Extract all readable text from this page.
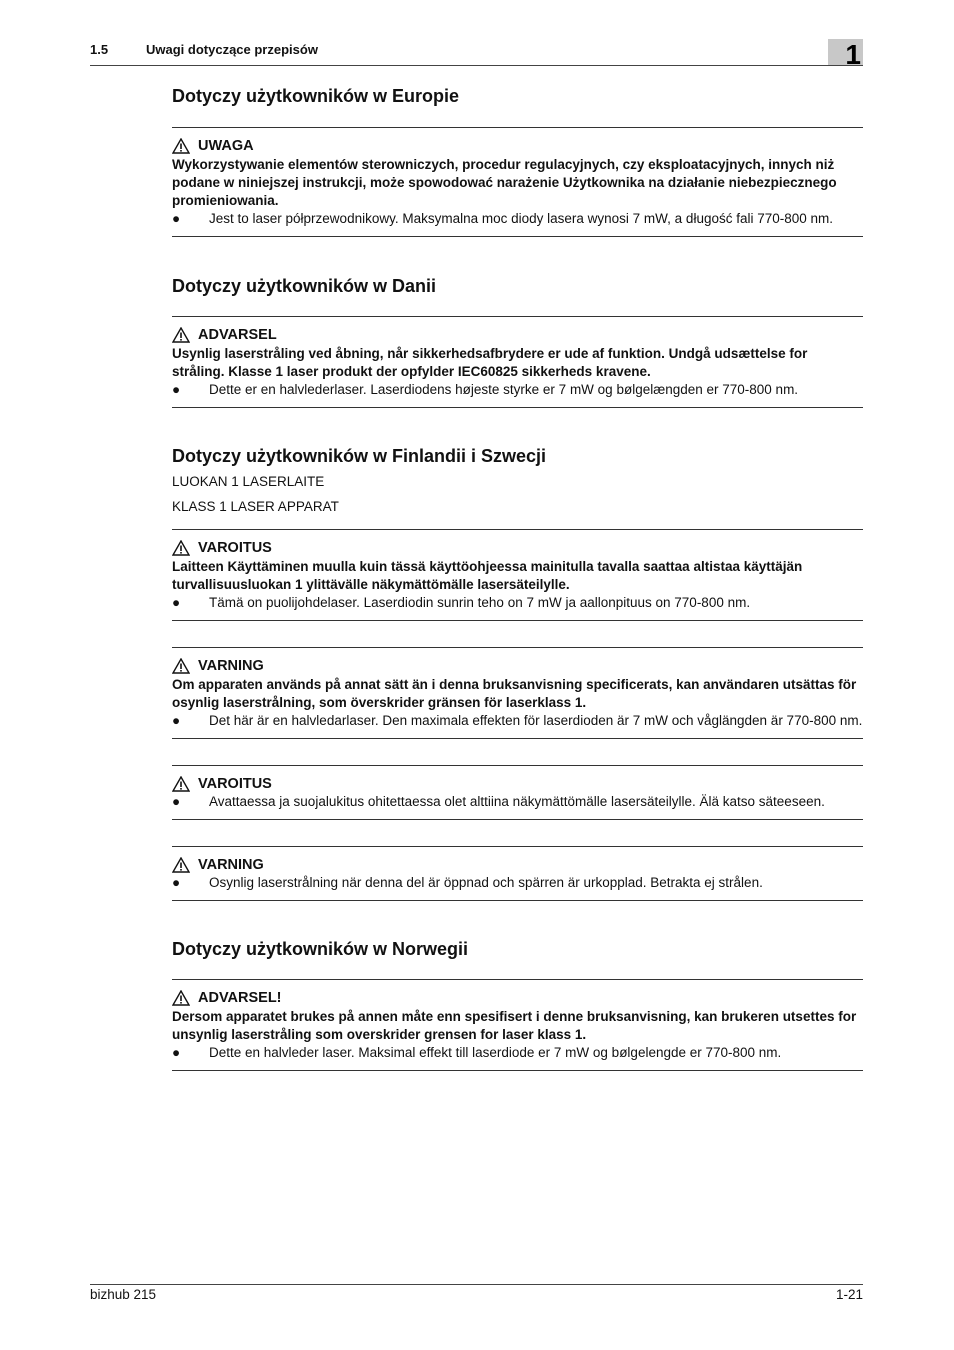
1.5	Uwagi dotyczące przepisów	1
Dotyczy użytkowników w Europie
UWAGA
Wykorzystywanie elementów sterowniczych, procedur regulacyjnych, czy eksploatacyjnych, innych niż podane w niniejszej instrukcji, może spowodować narażenie Użytkownika na działanie niebezpiecznego promieniowania.
●	Jest to laser półprzewodnikowy. Maksymalna moc diody lasera wynosi 7 mW, a długość fali 770-800 nm.
Dotyczy użytkowników w Danii
ADVARSEL
Usynlig laserstråling ved åbning, når sikkerhedsafbrydere er ude af funktion. Undgå udsættelse for stråling. Klasse 1 laser produkt der opfylder IEC60825 sikkerheds kravene.
●	Dette er en halvlederlaser. Laserdiodens højeste styrke er 7 mW og bølgelængden er 770-800 nm.
Dotyczy użytkowników w Finlandii i Szwecji
LUOKAN 1 LASERLAITE
KLASS 1 LASER APPARAT
VAROITUS
Laitteen Käyttäminen muulla kuin tässä käyttöohjeessa mainitulla tavalla saattaa altistaa käyttäjän turvallisuusluokan 1 ylittävälle näkymättömälle lasersäteilylle.
●	Tämä on puolijohdelaser. Laserdiodin sunrin teho on 7 mW ja aallonpituus on 770-800 nm.
VARNING
Om apparaten används på annat sätt än i denna bruksanvisning specificerats, kan användaren utsättas för osynlig laserstrålning, som överskrider gränsen för laserklass 1.
●	Det här är en halvledarlaser. Den maximala effekten för laserdioden är 7 mW och våglängden är 770-800 nm.
VAROITUS
●	Avattaessa ja suojalukitus ohitettaessa olet alttiina näkymättömälle lasersäteilylle. Älä katso säteeseen.
VARNING
●	Osynlig laserstrålning när denna del är öppnad och spärren är urkopplad. Betrakta ej strålen.
Dotyczy użytkowników w Norwegii
ADVARSEL!
Dersom apparatet brukes på annen måte enn spesifisert i denne bruksanvisning, kan brukeren utsettes for unsynlig laserstråling som overskrider grensen for laser klass 1.
●	Dette en halvleder laser. Maksimal effekt till laserdiode er 7 mW og bølgelengde er 770-800 nm.
bizhub 215	1-21
